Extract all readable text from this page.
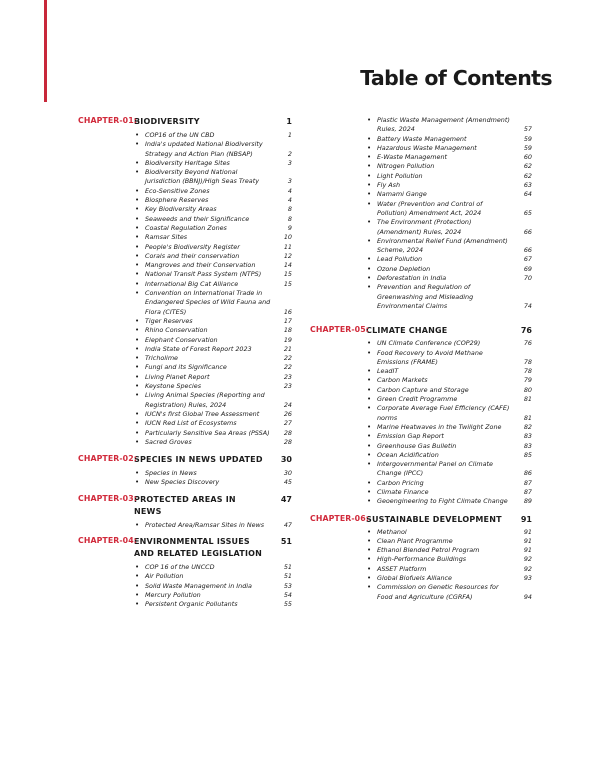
Table of Contents
CHAPTER-01:
BIODIVERSITY	1
• COP16 of the UN CBD	1
• India's updated National Biodiversity Strategy and Action Plan (NBSAP)	2
• Biodiversity Heritage Sites	3
• Biodiversity Beyond National Jurisdiction (BBNJ)/High Seas Treaty	3
• Eco-Sensitive Zones	4
• Biosphere Reserves	4
• Key Biodiversity Areas	8
• Seaweeds and their Significance	8
• Coastal Regulation Zones	9
• Ramsar Sites	10
• People's Biodiversity Register	11
• Corals and their conservation	12
• Mangroves and their Conservation	14
• National Transit Pass System (NTPS)	15
• International Big Cat Alliance	15
• Convention on International Trade in Endangered Species of Wild Fauna and Flora (CITES)	16
• Tiger Reserves	17
• Rhino Conservation	18
• Elephant Conservation	19
• India State of Forest Report 2023	21
• Tricholime	22
• Fungi and its Significance	22
• Living Planet Report	23
• Keystone Species	23
• Living Animal Species (Reporting and Registration) Rules, 2024	24
• IUCN's first Global Tree Assessment	26
• IUCN Red List of Ecosystems	27
• Particularly Sensitive Sea Areas (PSSA) 28
• Sacred Groves	28
CHAPTER-02:
SPECIES IN NEWS UPDATED	30
• Species in News	30
• New Species Discovery	45
CHAPTER-03:
PROTECTED AREAS IN NEWS
47
• Protected Area/Ramsar Sites in News	47
CHAPTER-04:
ENVIRONMENTAL ISSUES AND RELATED LEGISLATION
51
• COP 16 of the UNCCD	51
• Air Pollution	51
• Solid Waste Management in India	53
• Mercury Pollution	54
• Persistent Organic Pollutants	55
• Plastic Waste Management (Amendment) Rules, 2024	57
• Battery Waste Management	59
• Hazardous Waste Management	59
• E-Waste Management	60
• Nitrogen Pollution	62
• Light Pollution	62
• Fly Ash	63
• Namami Gange	64
• Water (Prevention and Control of Pollution) Amendment Act, 2024	65
• The Environment (Protection) (Amendment) Rules, 2024	66
• Environmental Relief Fund (Amendment) Scheme, 2024	66
• Lead Pollution	67
• Ozone Depletion	69
• Deforestation in India	70
• Prevention and Regulation of Greenwashing and Misleading Environmental Claims	74
CHAPTER-05:
CLIMATE CHANGE	76
• UN Climate Conference (COP29)	76
• Food Recovery to Avoid Methane Emissions (FRAME)	78
• LeadIT	78
• Carbon Markets	79
• Carbon Capture and Storage	80
• Green Credit Programme	81
• Corporate Average Fuel Efficiency (CAFE) norms	81
• Marine Heatwaves in the Twilight Zone	82
• Emission Gap Report	83
• Greenhouse Gas Bulletin	83
• Ocean Acidification	85
• Intergovernmental Panel on Climate Change (IPCC)	86
• Carbon Pricing	87
• Climate Finance	87
• Geoengineering to Fight Climate Change	89
CHAPTER-06:
SUSTAINABLE DEVELOPMENT	91
• Methanol	91
• Clean Plant Programme	91
• Ethanol Blended Petrol Program	91
• High-Performance Buildings	92
• ASSET Platform	92
• Global Biofuels Alliance	93
• Commission on Genetic Resources for Food and Agriculture (CGRFA)	94
